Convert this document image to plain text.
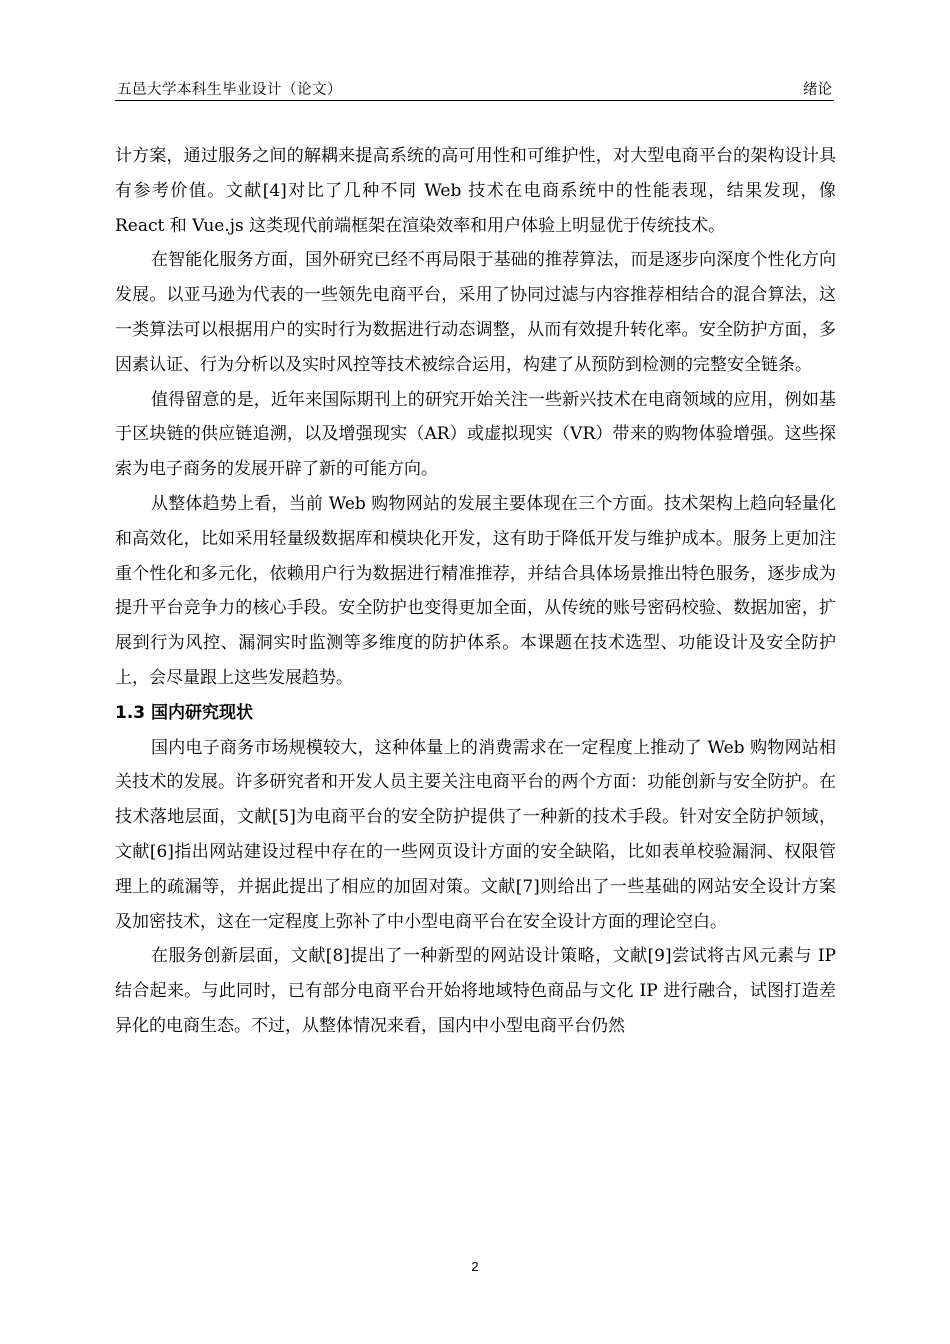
五邑大学本科生毕业设计（论文）	绪论

计方案，通过服务之间的解耦来提高系统的高可用性和可维护性，对大型电商平台的架构设计具有参考价值。文献[4]对比了几种不同 Web 技术在电商系统中的性能表现，结果发现，像 React 和 Vue.js 这类现代前端框架在渲染效率和用户体验上明显优于传统技术。

在智能化服务方面，国外研究已经不再局限于基础的推荐算法，而是逐步向深度个性化方向发展。以亚马逊为代表的一些领先电商平台，采用了协同过滤与内容推荐相结合的混合算法，这一类算法可以根据用户的实时行为数据进行动态调整，从而有效提升转化率。安全防护方面，多因素认证、行为分析以及实时风控等技术被综合运用，构建了从预防到检测的完整安全链条。

值得留意的是，近年来国际期刊上的研究开始关注一些新兴技术在电商领域的应用，例如基于区块链的供应链追溯，以及增强现实（AR）或虚拟现实（VR）带来的购物体验增强。这些探索为电子商务的发展开辟了新的可能方向。

从整体趋势上看，当前 Web 购物网站的发展主要体现在三个方面。技术架构上趋向轻量化和高效化，比如采用轻量级数据库和模块化开发，这有助于降低开发与维护成本。服务上更加注重个性化和多元化，依赖用户行为数据进行精准推荐，并结合具体场景推出特色服务，逐步成为提升平台竞争力的核心手段。安全防护也变得更加全面，从传统的账号密码校验、数据加密，扩展到行为风控、漏洞实时监测等多维度的防护体系。本课题在技术选型、功能设计及安全防护上，会尽量跟上这些发展趋势。

1.3 国内研究现状

国内电子商务市场规模较大，这种体量上的消费需求在一定程度上推动了 Web 购物网站相关技术的发展。许多研究者和开发人员主要关注电商平台的两个方面：功能创新与安全防护。在技术落地层面，文献[5]为电商平台的安全防护提供了一种新的技术手段。针对安全防护领域，文献[6]指出网站建设过程中存在的一些网页设计方面的安全缺陷，比如表单校验漏洞、权限管理上的疏漏等，并据此提出了相应的加固对策。文献[7]则给出了一些基础的网站安全设计方案及加密技术，这在一定程度上弥补了中小型电商平台在安全设计方面的理论空白。

在服务创新层面，文献[8]提出了一种新型的网站设计策略，文献[9]尝试将古风元素与 IP 结合起来。与此同时，已有部分电商平台开始将地域特色商品与文化 IP 进行融合，试图打造差异化的电商生态。不过，从整体情况来看，国内中小型电商平台仍然

2
